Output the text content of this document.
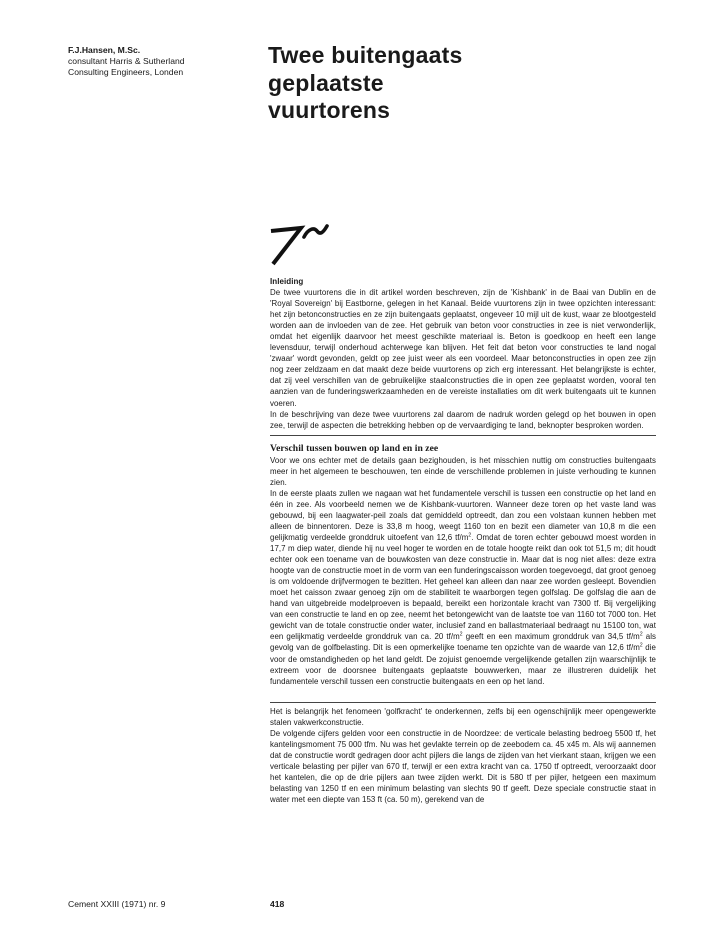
F.J.Hansen, M.Sc.
consultant Harris & Sutherland
Consulting Engineers, Londen
Twee buitengaats
geplaatste
vuurtorens
Inleiding

De twee vuurtorens die in dit artikel worden beschreven, zijn de 'Kishbank' in de Baai van Dublin en de 'Royal Sovereign' bij Eastborne, gelegen in het Kanaal. Beide vuurtorens zijn in twee opzichten interessant: het zijn betonconstructies en ze zijn buitengaats geplaatst, ongeveer 10 mijl uit de kust, waar ze blootgesteld worden aan de invloeden van de zee. Het gebruik van beton voor constructies in zee is niet verwonderlijk, omdat het eigenlijk daarvoor het meest geschikte materiaal is. Beton is goedkoop en heeft een lange levensduur, terwijl onderhoud achterwege kan blijven. Het feit dat beton voor constructies te land nogal 'zwaar' wordt gevonden, geldt op zee juist weer als een voordeel. Maar betonconstructies in open zee zijn nog zeer zeldzaam en dat maakt deze beide vuurtorens op zich erg interessant. Het belangrijkste is echter, dat zij veel verschillen van de gebruikelijke staalconstructies die in open zee geplaatst worden, vooral ten aanzien van de funderingswerkzaamheden en de vereiste installaties om dit werk buitengaats uit te kunnen voeren.

In de beschrijving van deze twee vuurtorens zal daarom de nadruk worden gelegd op het bouwen in open zee, terwijl de aspecten die betrekking hebben op de vervaardiging te land, beknopter besproken worden.

Verschil tussen bouwen op land en in zee

Voor we ons echter met de details gaan bezighouden, is het misschien nuttig om constructies buitengaats meer in het algemeen te beschouwen, ten einde de verschillende problemen in juiste verhouding te kunnen zien.

In de eerste plaats zullen we nagaan wat het fundamentele verschil is tussen een constructie op het land en één in zee. Als voorbeeld nemen we de Kishbank-vuurtoren. Wanneer deze toren op het vaste land was gebouwd, bij een laagwater-peil zoals dat gemiddeld optreedt, dan zou een volstaan kunnen hebben met alleen de binnentoren. Deze is 33,8 m hoog, weegt 1160 ton en bezit een diameter van 10,8 m die een gelijkmatig verdeelde gronddruk uitoefent van 12,6 $tf/m^2$. Omdat de toren echter gebouwd moest worden in 17,7 m diep water, diende hij nu veel hoger te worden en de totale hoogte reikt dan ook tot 51,5 m; dit houdt echter ook een toename van de bouwkosten van deze constructie in. Maar dat is nog niet alles: deze extra hoogte van de constructie moet in de vorm van een funderingscaisson worden toegevoegd, dat groot genoeg is om voldoende drijfvermogen te bezitten. Het geheel kan alleen dan naar zee worden gesleept. Bovendien moet het caisson zwaar genoeg zijn om de stabiliteit te waarborgen tegen golfslag. De golfslag die aan de hand van uitgebreide modelproeven is bepaald, bereikt een horizontale kracht van 7300 tf. Bij vergelijking van een constructie te land en op zee, neemt het betongewicht van de laatste toe van 1160 tot 7000 ton. Het gewicht van de totale constructie onder water, inclusief zand en ballastmateriaal bedraagt nu 15100 ton, wat een gelijkmatig verdeelde gronddruk van ca. 20 $tf/m^2$ geeft en een maximum gronddruk van 34,5 $tf/m^2$ als gevolg van de golfbelasting. Dit is een opmerkelijke toename ten opzichte van de waarde van 12,6 $tf/m^2$ die voor de omstandigheden op het land geldt. De zojuist genoemde vergelijkende getallen zijn waarschijnlijk te extreem voor de doorsnee buitengaats geplaatste bouwwerken, maar ze illustreren duidelijk het fundamentele verschil tussen een constructie buitengaats en een op het land.

Het is belangrijk het fenomeen 'golfkracht' te onderkennen, zelfs bij een ogenschijnlijk meer opengewerkte stalen vakwerkconstructie.

De volgende cijfers gelden voor een constructie in de Noordzee: de verticale belasting bedroeg 5500 tf, het kantelingsmoment 75 000 tfm. Nu was het gevlakte terrein op de zeebodem ca. 45 x45 m. Als wij aannemen dat de constructie wordt gedragen door acht pijlers die langs de zijden van het vierkant staan, krijgen we een verticale belasting per pijler van 670 tf, terwijl er een extra kracht van ca. 1750 tf optreedt, veroorzaakt door het kantelen, die op de drie pijlers aan twee zijden werkt. Dit is 580 tf per pijler, hetgeen een maximum belasting van 1250 tf en een minimum belasting van slechts 90 tf geeft. Deze speciale constructie staat in water met een diepte van 153 ft (ca. 50 m), gerekend van de

Cement XXIII (1971) nr. 9	418
